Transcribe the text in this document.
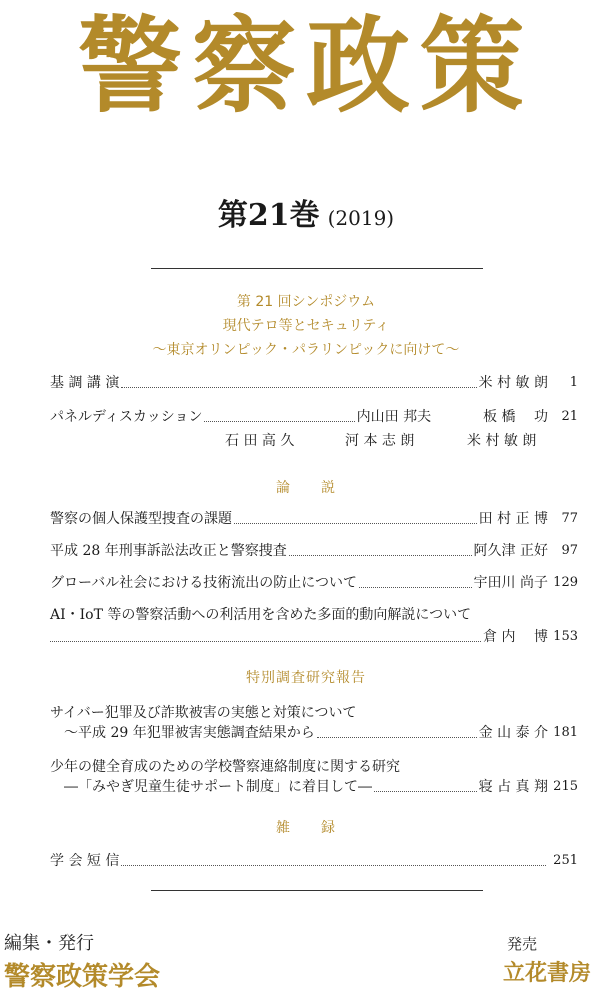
警察政策
第21巻 (2019)
第 21 回シンポジウム
現代テロ等とセキュリティ
〜東京オリンピック・パラリンピックに向けて〜
基 調 講 演	米 村 敏 朗	1
パネルディスカッション	内山田 邦夫	板 橋　 功	21
石 田 高 久	河 本 志 朗	米 村 敏 朗
論　　説
警察の個人保護型捜査の課題	田 村 正 博	77
平成 28 年刑事訴訟法改正と警察捜査	阿久津 正好	97
グローバル社会における技術流出の防止について	宇田川 尚子 129
AI・IoT 等の警察活動への利活用を含めた多面的動向解説について
倉 内　 博 153
特別調査研究報告
サイバー犯罪及び詐欺被害の実態と対策について
〜平成 29 年犯罪被害実態調査結果から	金 山 泰 介 181
少年の健全育成のための学校警察連絡制度に関する研究
―「みやぎ児童生徒サポート制度」に着目して―	寝 占 真 翔 215
雑　　録
学 会 短 信	251
編集・発行
警察政策学会
発売
立花書房
